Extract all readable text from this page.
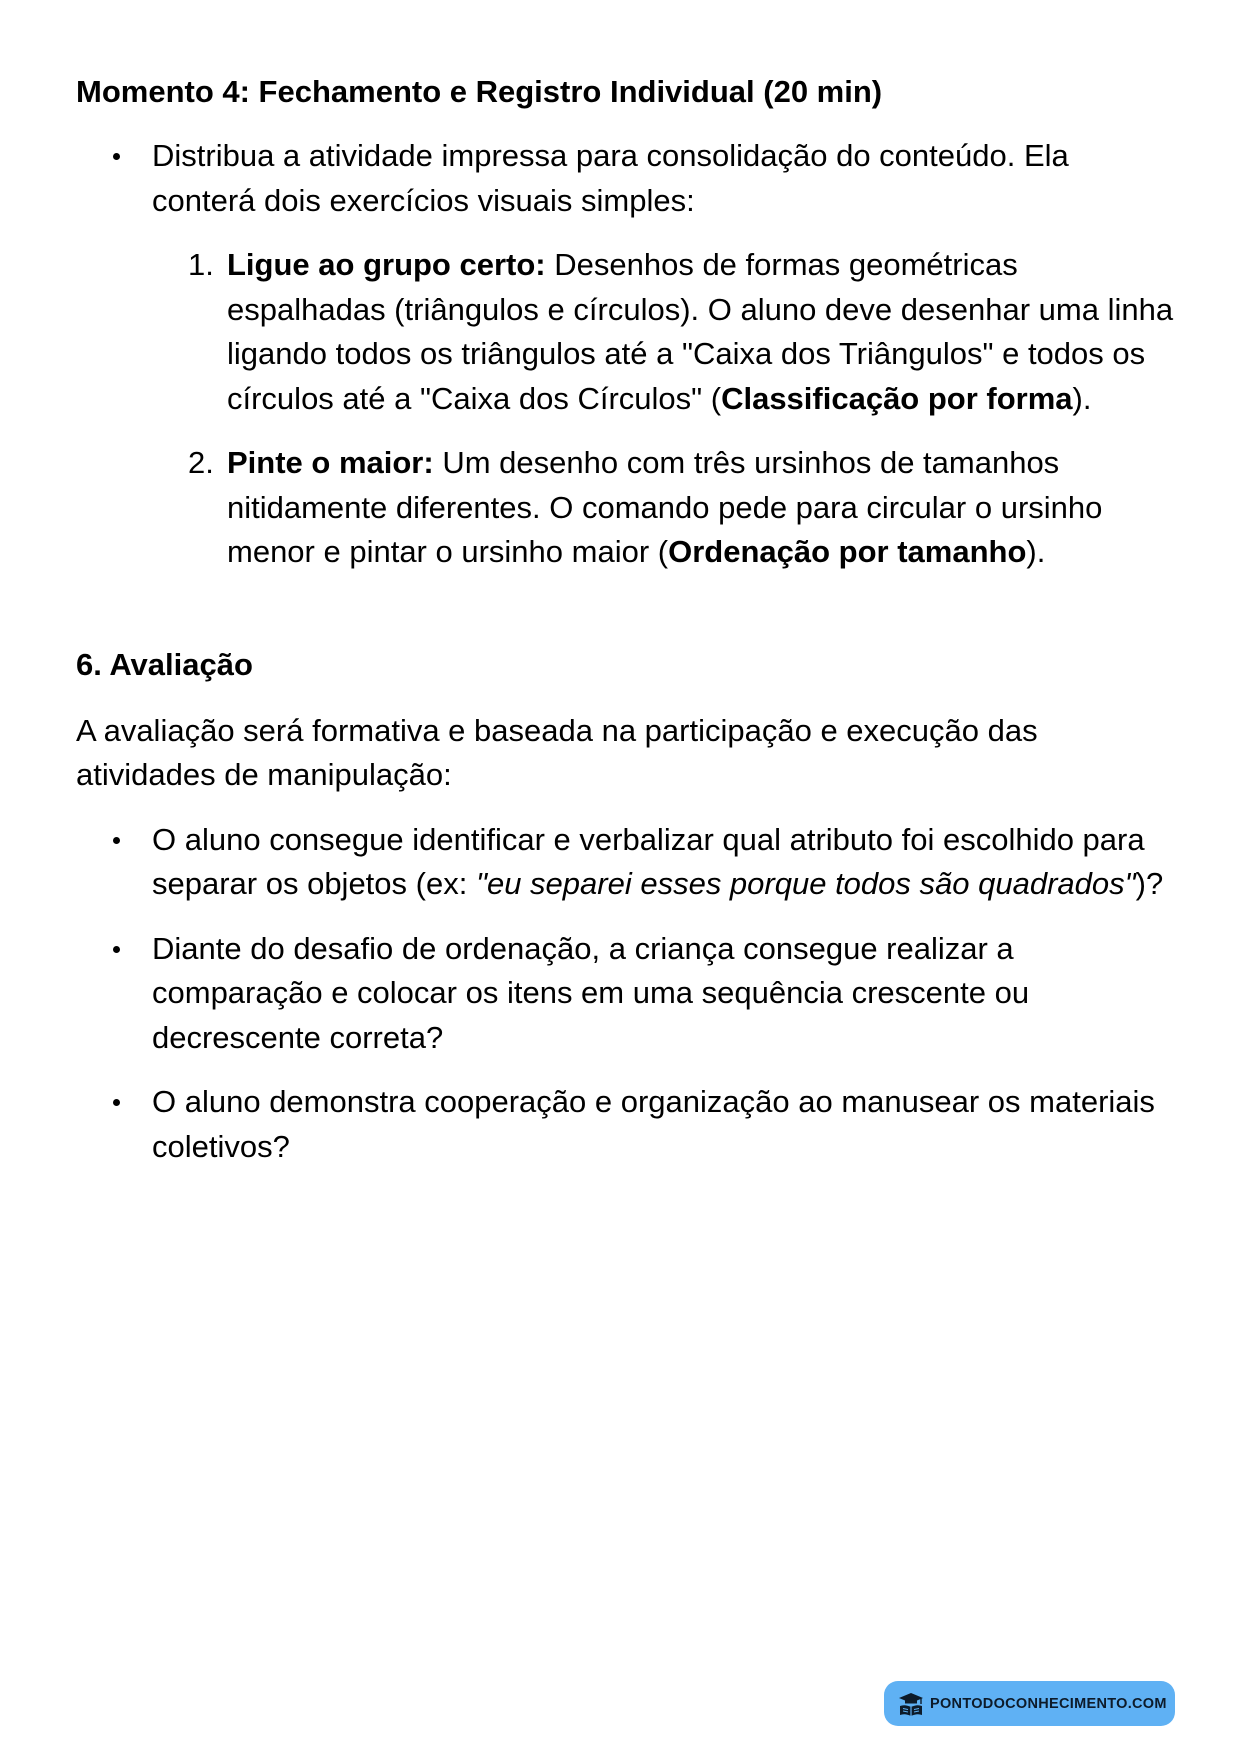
Momento 4: Fechamento e Registro Individual (20 min)
Distribua a atividade impressa para consolidação do conteúdo. Ela conterá dois exercícios visuais simples:
1. Ligue ao grupo certo: Desenhos de formas geométricas espalhadas (triângulos e círculos). O aluno deve desenhar uma linha ligando todos os triângulos até a "Caixa dos Triângulos" e todos os círculos até a "Caixa dos Círculos" (Classificação por forma).
2. Pinte o maior: Um desenho com três ursinhos de tamanhos nitidamente diferentes. O comando pede para circular o ursinho menor e pintar o ursinho maior (Ordenação por tamanho).
6. Avaliação

A avaliação será formativa e baseada na participação e execução das atividades de manipulação:

O aluno consegue identificar e verbalizar qual atributo foi escolhido para separar os objetos (ex: "eu separei esses porque todos são quadrados")?
Diante do desafio de ordenação, a criança consegue realizar a comparação e colocar os itens em uma sequência crescente ou decrescente correta?
O aluno demonstra cooperação e organização ao manusear os materiais coletivos?
PONTODOCONHECIMENTO.COM
